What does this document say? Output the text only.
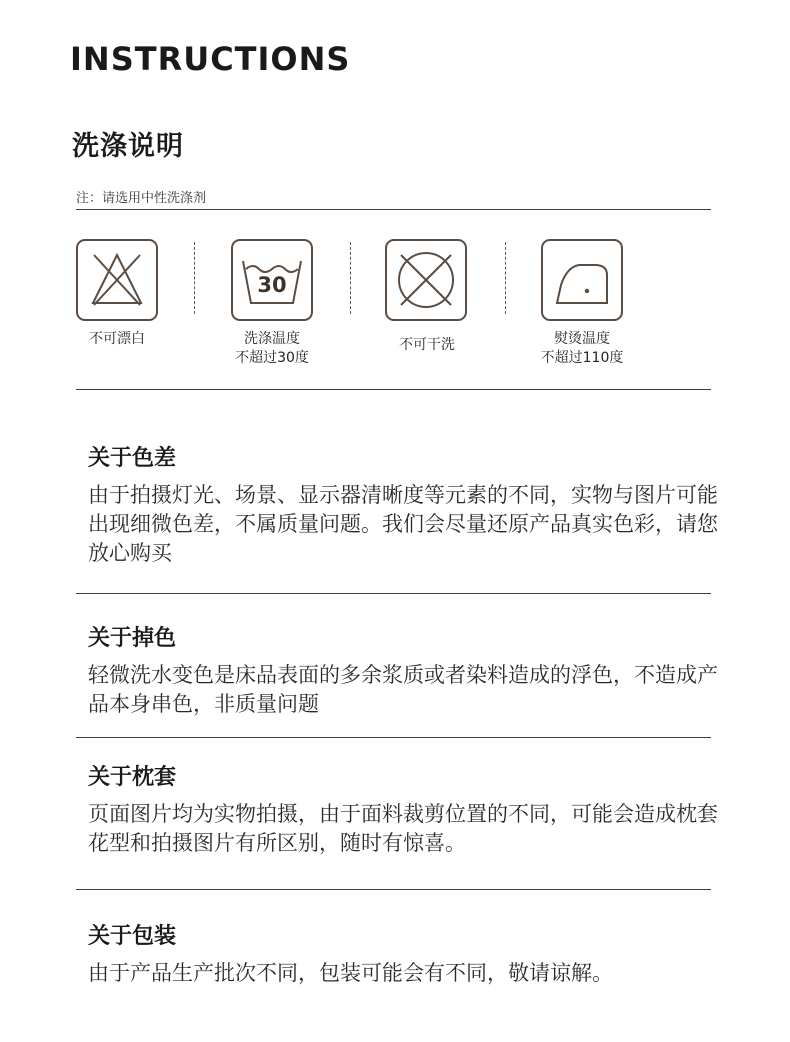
INSTRUCTIONS
洗涤说明
注：请选用中性洗涤剂
30
不可漂白	洗涤温度
不超过30度
不可干洗	熨烫温度
不超过110度
关于色差
由于拍摄灯光、场景、显示器清晰度等元素的不同，实物与图片可能出现细微色差，不属质量问题。我们会尽量还原产品真实色彩，请您放心购买
关于掉色
轻微洗水变色是床品表面的多余浆质或者染料造成的浮色，不造成产品本身串色，非质量问题
关于枕套
页面图片均为实物拍摄，由于面料裁剪位置的不同，可能会造成枕套花型和拍摄图片有所区别，随时有惊喜。
关于包装
由于产品生产批次不同，包装可能会有不同，敬请谅解。
